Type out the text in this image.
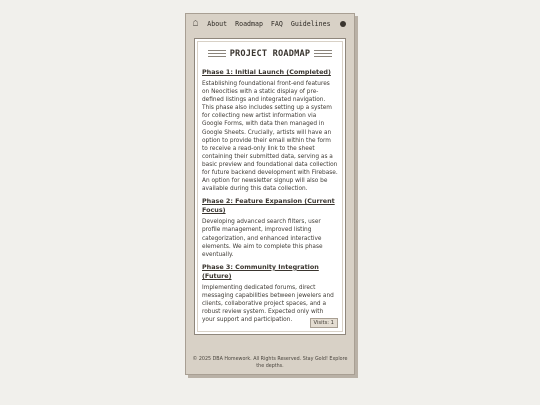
☖ About Roadmap FAQ Guidelines
PROJECT ROADMAP
Phase 1: Initial Launch (Completed)

Establishing foundational front-end features on Neocities with a static display of pre-defined listings and integrated navigation. This phase also includes setting up a system for collecting new artist information via Google Forms, with data then managed in Google Sheets. Crucially, artists will have an option to provide their email within the form to receive a read-only link to the sheet containing their submitted data, serving as a basic preview and foundational data collection for future backend development with Firebase. An option for newsletter signup will also be available during this data collection.

Phase 2: Feature Expansion (Current Focus)

Developing advanced search filters, user profile management, improved listing categorization, and enhanced interactive elements. We aim to complete this phase eventually.

Phase 3: Community Integration (Future)

Implementing dedicated forums, direct messaging capabilities between jewelers and clients, collaborative project spaces, and a robust review system. Expected only with your support and participation.	Visits: 1
© 2025 DBA Homework. All Rights Reserved. Stay Gold! Explore the depths.
